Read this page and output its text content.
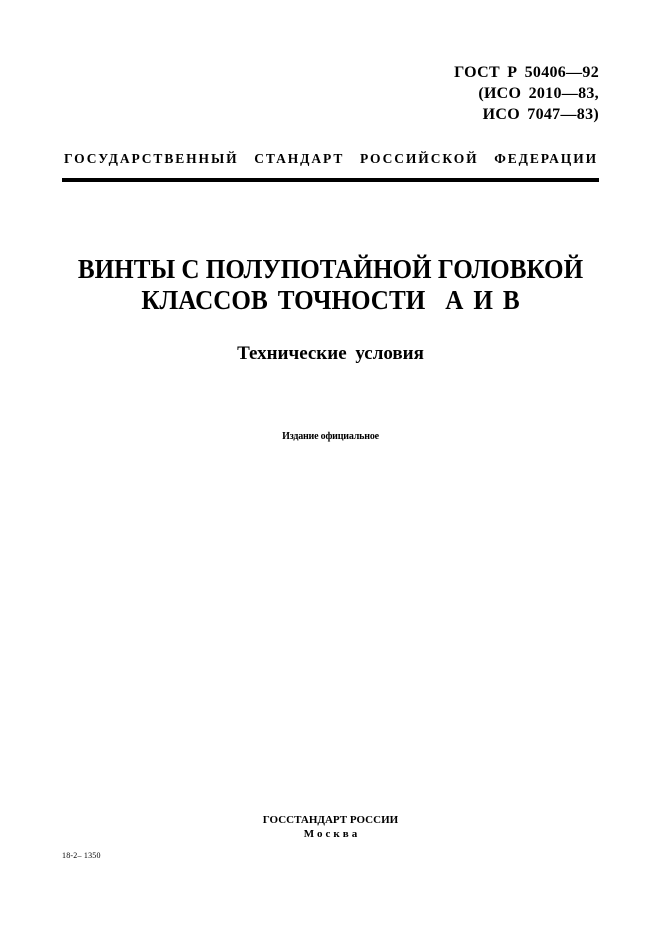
ГОСТ Р 50406—92
(ИСО 2010—83,
ИСО 7047—83)
ГОСУДАРСТВЕННЫЙ СТАНДАРТ РОССИЙСКОЙ ФЕДЕРАЦИИ
ВИНТЫ С ПОЛУПОТАЙНОЙ ГОЛОВКОЙ
КЛАССОВ ТОЧНОСТИ  А И В
Технические условия
Издание официальное
ГОССТАНДАРТ РОССИИ
Москва
18-2– 1350
